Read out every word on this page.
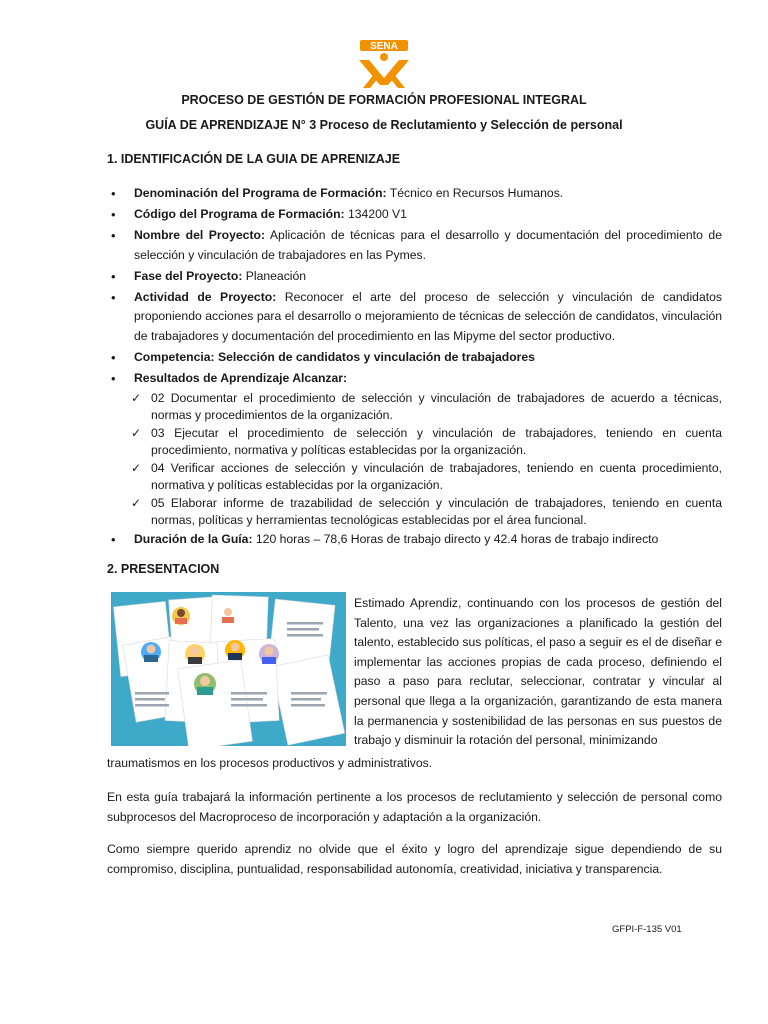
SENA
PROCESO DE GESTIÓN DE FORMACIÓN PROFESIONAL INTEGRAL
GUÍA DE APRENDIZAJE N° 3 Proceso de Reclutamiento y Selección de personal
1. IDENTIFICACIÓN DE LA GUIA DE APRENIZAJE
• Denominación del Programa de Formación: Técnico en Recursos Humanos.
• Código del Programa de Formación: 134200 V1
• Nombre del Proyecto: Aplicación de técnicas para el desarrollo y documentación del procedimiento de selección y vinculación de trabajadores en las Pymes.
• Fase del Proyecto: Planeación
• Actividad de Proyecto: Reconocer el arte del proceso de selección y vinculación de candidatos proponiendo acciones para el desarrollo o mejoramiento de técnicas de selección de candidatos, vinculación de trabajadores y documentación del procedimiento en las Mipyme del sector productivo.
• Competencia: Selección de candidatos y vinculación de trabajadores
• Resultados de Aprendizaje Alcanzar:
✓ 02 Documentar el procedimiento de selección y vinculación de trabajadores de acuerdo a técnicas, normas y procedimientos de la organización.
✓ 03 Ejecutar el procedimiento de selección y vinculación de trabajadores, teniendo en cuenta procedimiento, normativa y políticas establecidas por la organización.
✓ 04 Verificar acciones de selección y vinculación de trabajadores, teniendo en cuenta procedimiento, normativa y políticas establecidas por la organización.
✓ 05 Elaborar informe de trazabilidad de selección y vinculación de trabajadores, teniendo en cuenta normas, políticas y herramientas tecnológicas establecidas por el área funcional.
• Duración de la Guía: 120 horas – 78,6 Horas de trabajo directo y 42.4 horas de trabajo indirecto
2. PRESENTACION
Estimado Aprendiz, continuando con los procesos de gestión del Talento, una vez las organizaciones a planificado la gestión del talento, establecido sus políticas, el paso a seguir es el de diseñar e implementar las acciones propias de cada proceso, definiendo el paso a paso para reclutar, seleccionar, contratar y vincular al personal que llega a la organización, garantizando de esta manera la permanencia y sostenibilidad de las personas en sus puestos de trabajo y disminuir la rotación del personal, minimizando
traumatismos en los procesos productivos y administrativos.
En esta guía trabajará la información pertinente a los procesos de reclutamiento y selección de personal como subprocesos del Macroproceso de incorporación y adaptación a la organización.
Como siempre querido aprendiz no olvide que el éxito y logro del aprendizaje sigue dependiendo de su compromiso, disciplina, puntualidad, responsabilidad autonomía, creatividad, iniciativa y transparencia.
GFPI-F-135 V01
